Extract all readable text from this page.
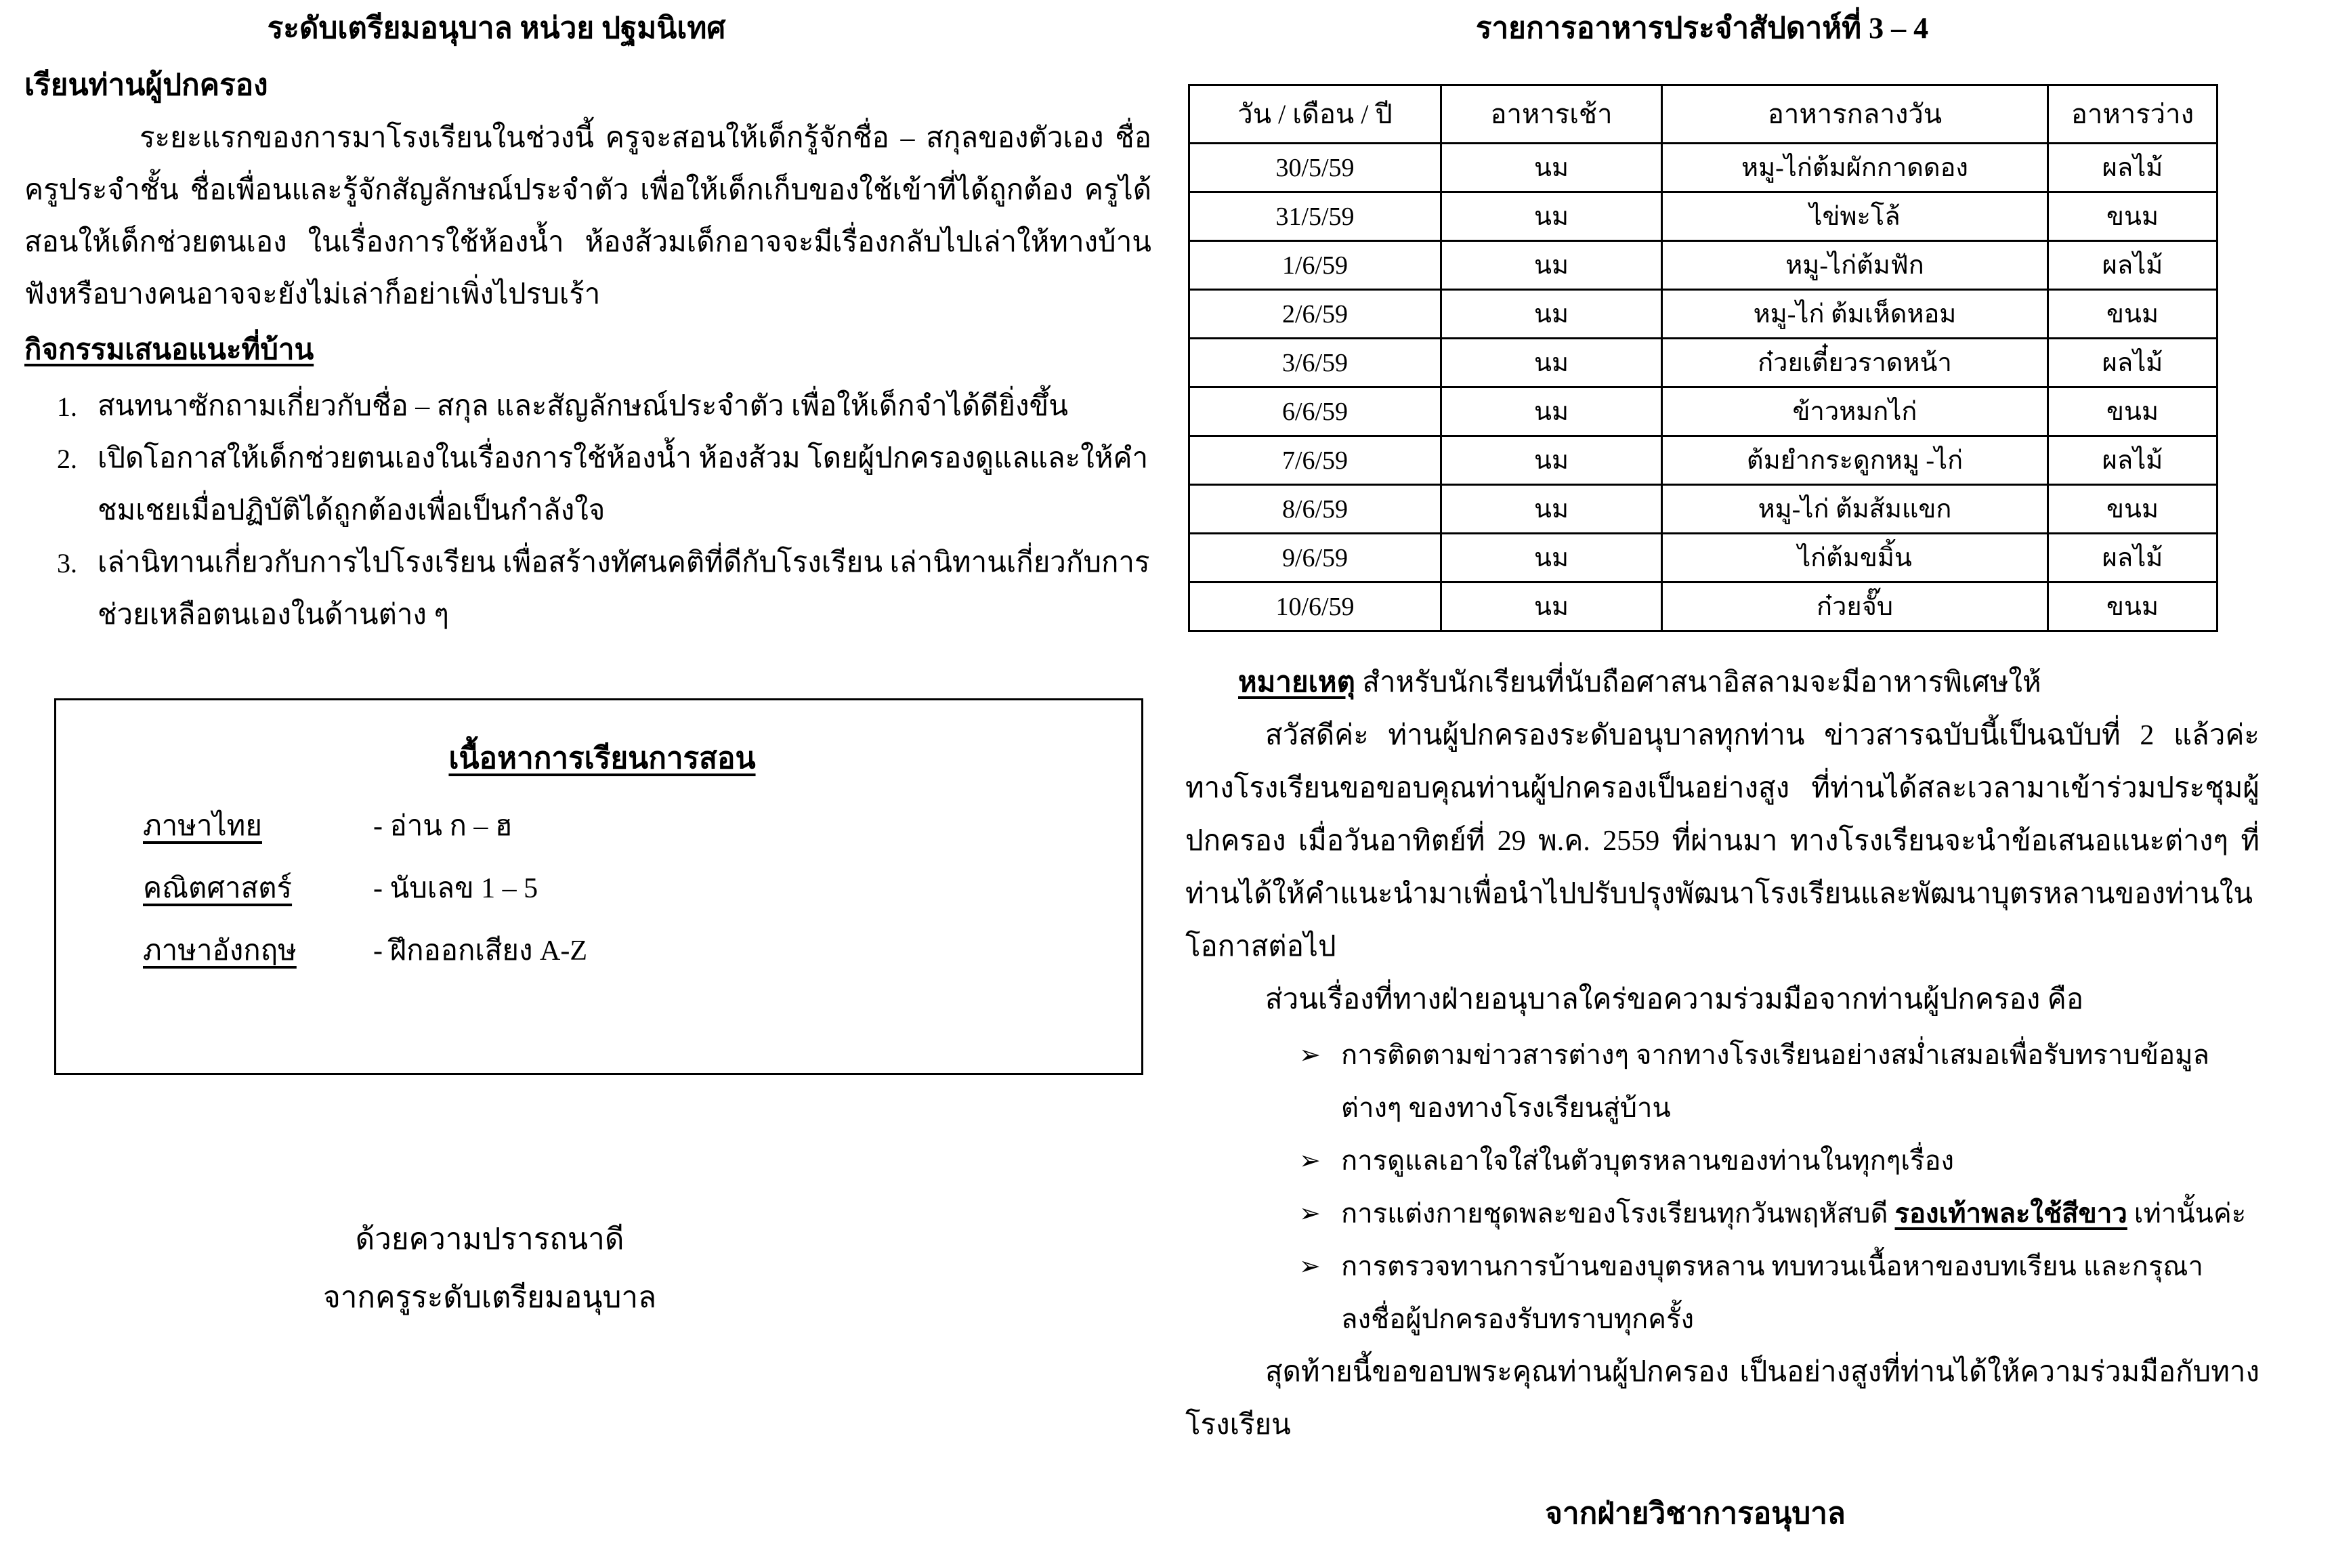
ระดับเตรียมอนุบาล หน่วย ปฐมนิเทศ
เรียนท่านผู้ปกครอง

ระยะแรกของการมาโรงเรียนในช่วงนี้ ครูจะสอนให้เด็กรู้จักชื่อ – สกุลของตัวเอง ชื่อครูประจำชั้น ชื่อเพื่อนและรู้จักสัญลักษณ์ประจำตัว เพื่อให้เด็กเก็บของใช้เข้าที่ได้ถูกต้อง ครูได้สอนให้เด็กช่วยตนเอง ในเรื่องการใช้ห้องน้ำ ห้องส้วมเด็กอาจจะมีเรื่องกลับไปเล่าให้ทางบ้านฟังหรือบางคนอาจจะยังไม่เล่าก็อย่าเพิ่งไปรบเร้า

กิจกรรมเสนอแนะที่บ้าน
สนทนาซักถามเกี่ยวกับชื่อ – สกุล และสัญลักษณ์ประจำตัว เพื่อให้เด็กจำได้ดียิ่งขึ้น
เปิดโอกาสให้เด็กช่วยตนเองในเรื่องการใช้ห้องน้ำ ห้องส้วม โดยผู้ปกครองดูแลและให้คำชมเชยเมื่อปฏิบัติได้ถูกต้องเพื่อเป็นกำลังใจ
เล่านิทานเกี่ยวกับการไปโรงเรียน เพื่อสร้างทัศนคติที่ดีกับโรงเรียน เล่านิทานเกี่ยวกับการช่วยเหลือตนเองในด้านต่าง ๆ
เนื้อหาการเรียนการสอน
ภาษาไทย	- อ่าน ก – ฮ
คณิตศาสตร์	- นับเลข 1 – 5
ภาษาอังกฤษ	- ฝึกออกเสียง A-Z
ด้วยความปรารถนาดี
จากครูระดับเตรียมอนุบาล
รายการอาหารประจำสัปดาห์ที่ 3 – 4
วัน / เดือน / ปี	อาหารเช้า	อาหารกลางวัน	อาหารว่าง
30/5/59	นม	หมู-ไก่ต้มผักกาดดอง	ผลไม้
31/5/59	นม	ไข่พะโล้	ขนม
1/6/59	นม	หมู-ไก่ต้มฟัก	ผลไม้
2/6/59	นม	หมู-ไก่ ต้มเห็ดหอม	ขนม
3/6/59	นม	ก๋วยเตี๋ยวราดหน้า	ผลไม้
6/6/59	นม	ข้าวหมกไก่	ขนม
7/6/59	นม	ต้มยำกระดูกหมู -ไก่	ผลไม้
8/6/59	นม	หมู-ไก่ ต้มส้มแขก	ขนม
9/6/59	นม	ไก่ต้มขมิ้น	ผลไม้
10/6/59	นม	ก๋วยจั๊บ	ขนม
หมายเหตุ สำหรับนักเรียนที่นับถือศาสนาอิสลามจะมีอาหารพิเศษให้

สวัสดีค่ะ ท่านผู้ปกครองระดับอนุบาลทุกท่าน ข่าวสารฉบับนี้เป็นฉบับที่ 2 แล้วค่ะ ทางโรงเรียนขอขอบคุณท่านผู้ปกครองเป็นอย่างสูง ที่ท่านได้สละเวลามาเข้าร่วมประชุมผู้ปกครอง เมื่อวันอาทิตย์ที่ 29 พ.ค. 2559 ที่ผ่านมา ทางโรงเรียนจะนำข้อเสนอแนะต่างๆ ที่ท่านได้ให้คำแนะนำมาเพื่อนำไปปรับปรุงพัฒนาโรงเรียนและพัฒนาบุตรหลานของท่านในโอกาสต่อไป

ส่วนเรื่องที่ทางฝ่ายอนุบาลใคร่ขอความร่วมมือจากท่านผู้ปกครอง คือ

➢ การติดตามข่าวสารต่างๆ จากทางโรงเรียนอย่างสม่ำเสมอเพื่อรับทราบข้อมูล ต่างๆ ของทางโรงเรียนสู่บ้าน
➢ การดูแลเอาใจใส่ในตัวบุตรหลานของท่านในทุกๆเรื่อง
➢ การแต่งกายชุดพละของโรงเรียนทุกวันพฤหัสบดี รองเท้าพละใช้สีขาว เท่านั้นค่ะ
➢ การตรวจทานการบ้านของบุตรหลาน ทบทวนเนื้อหาของบทเรียน และกรุณาลงชื่อผู้ปกครองรับทราบทุกครั้ง

สุดท้ายนี้ขอขอบพระคุณท่านผู้ปกครอง เป็นอย่างสูงที่ท่านได้ให้ความร่วมมือกับทางโรงเรียน

จากฝ่ายวิชาการอนุบาล
